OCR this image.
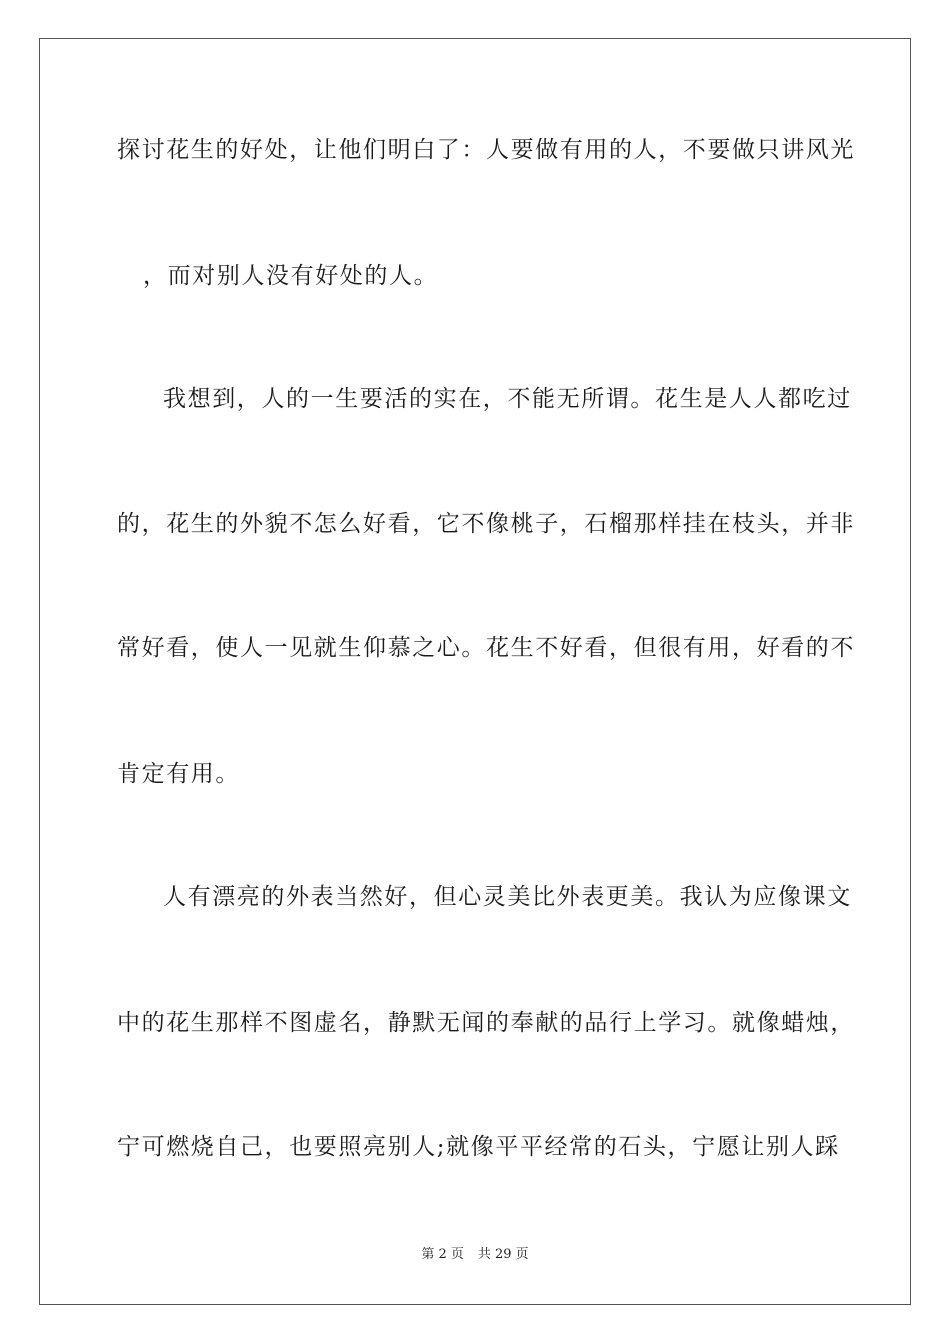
探讨花生的好处，让他们明白了：人要做有用的人，不要做只讲风光
，而对别人没有好处的人。
我想到，人的一生要活的实在，不能无所谓。花生是人人都吃过
的，花生的外貌不怎么好看，它不像桃子，石榴那样挂在枝头，并非
常好看，使人一见就生仰慕之心。花生不好看，但很有用，好看的不
肯定有用。
人有漂亮的外表当然好，但心灵美比外表更美。我认为应像课文
中的花生那样不图虚名，静默无闻的奉献的品行上学习。就像蜡烛，
宁可燃烧自己，也要照亮别人;就像平平经常的石头，宁愿让别人踩
第 2 页 共 29 页
